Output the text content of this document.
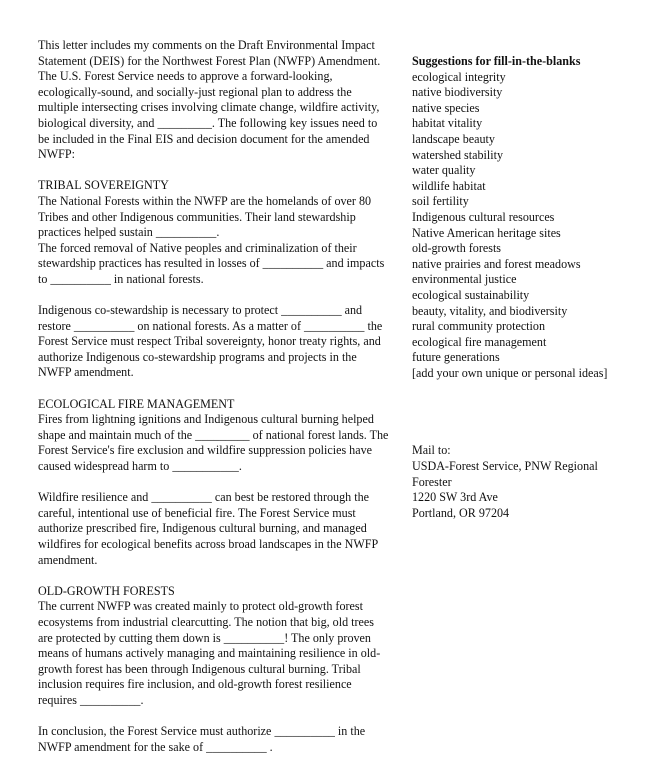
This letter includes my comments on the Draft Environmental Impact Statement (DEIS) for the Northwest Forest Plan (NWFP) Amendment. The U.S. Forest Service needs to approve a forward-looking, ecologically-sound, and socially-just regional plan to address the multiple intersecting crises involving climate change, wildfire activity, biological diversity, and _________. The following key issues need to be included in the Final EIS and decision document for the amended NWFP:

TRIBAL SOVEREIGNTY

The National Forests within the NWFP are the homelands of over 80 Tribes and other Indigenous communities. Their land stewardship practices helped sustain __________.

The forced removal of Native peoples and criminalization of their stewardship practices has resulted in losses of __________ and impacts to __________ in national forests.

Indigenous co-stewardship is necessary to protect __________ and restore __________ on national forests. As a matter of __________ the Forest Service must respect Tribal sovereignty, honor treaty rights, and authorize Indigenous co-stewardship programs and projects in the NWFP amendment.

ECOLOGICAL FIRE MANAGEMENT

Fires from lightning ignitions and Indigenous cultural burning helped shape and maintain much of the _________ of national forest lands. The Forest Service's fire exclusion and wildfire suppression policies have caused widespread harm to ___________.

Wildfire resilience and __________ can best be restored through the careful, intentional use of beneficial fire. The Forest Service must authorize prescribed fire, Indigenous cultural burning, and managed wildfires for ecological benefits across broad landscapes in the NWFP amendment.

OLD-GROWTH FORESTS

The current NWFP was created mainly to protect old-growth forest ecosystems from industrial clearcutting. The notion that big, old trees are protected by cutting them down is __________! The only proven means of humans actively managing and maintaining resilience in old-growth forest has been through Indigenous cultural burning. Tribal inclusion requires fire inclusion, and old-growth forest resilience requires __________.

In conclusion, the Forest Service must authorize __________ in the NWFP amendment for the sake of __________ .

Suggestions for fill-in-the-blanks
ecological integrity
native biodiversity
native species
habitat vitality
landscape beauty
watershed stability
water quality
wildlife habitat
soil fertility
Indigenous cultural resources
Native American heritage sites
old-growth forests
native prairies and forest meadows
environmental justice
ecological sustainability
beauty, vitality, and biodiversity
rural community protection
ecological fire management
future generations
[add your own unique or personal ideas]
Mail to:
USDA-Forest Service, PNW Regional Forester
1220 SW 3rd Ave
Portland, OR 97204
